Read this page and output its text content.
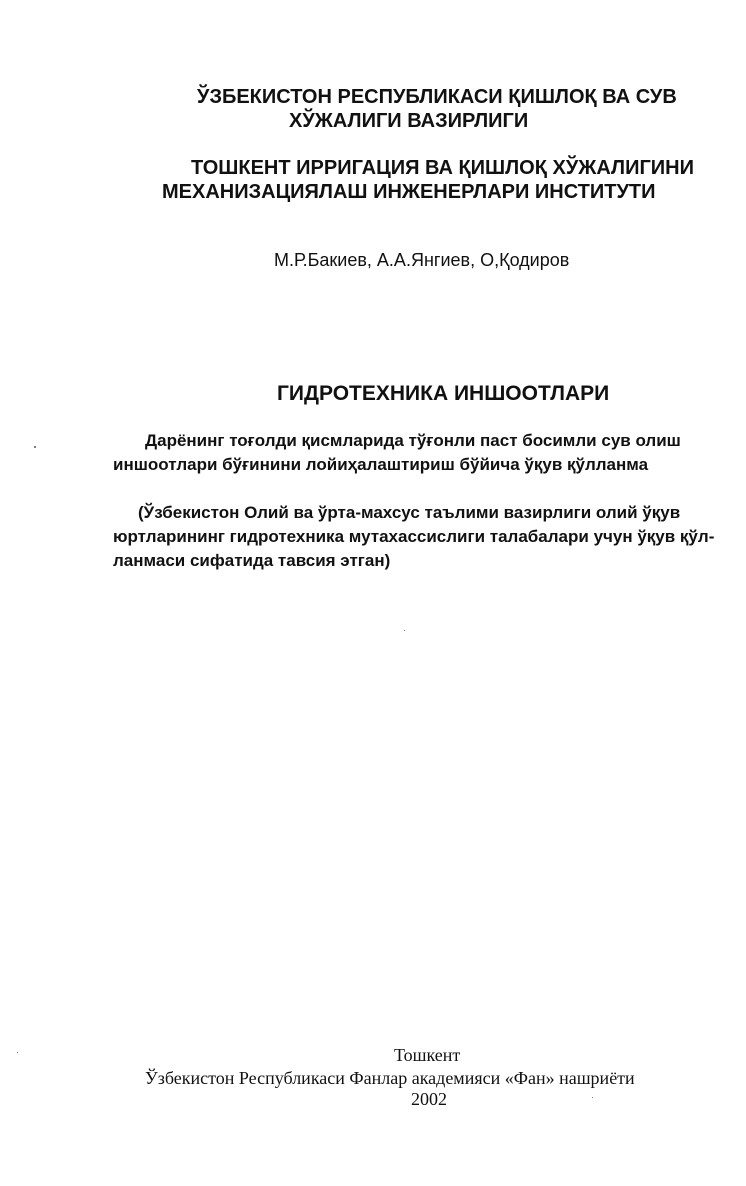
ЎЗБЕКИСТОН РЕСПУБЛИКАСИ ҚИШЛОҚ ВА СУВ

ХЎЖАЛИГИ ВАЗИРЛИГИ

ТОШКЕНТ ИРРИГАЦИЯ ВА ҚИШЛОҚ ХЎЖАЛИГИНИ

МЕХАНИЗАЦИЯЛАШ ИНЖЕНЕРЛАРИ ИНСТИТУТИ

М.Р.Бакиев, А.А.Янгиев, О,Қодиров

ГИДРОТЕХНИКА ИНШООТЛАРИ

Дарёнинг тоғолди қисмларида тўғонли паст босимли сув олиш

иншоотлари бўғинини лойиҳалаштириш бўйича ўқув қўлланма

(Ўзбекистон Олий ва ўрта-махсус таълими вазирлиги олий ўқув

юртларининг гидротехника мутахассислиги талабалари учун ўқув қўл-

ланмаси сифатида тавсия этган)

Тошкент

Ўзбекистон Республикаси Фанлар академияси «Фан» нашриёти

2002
